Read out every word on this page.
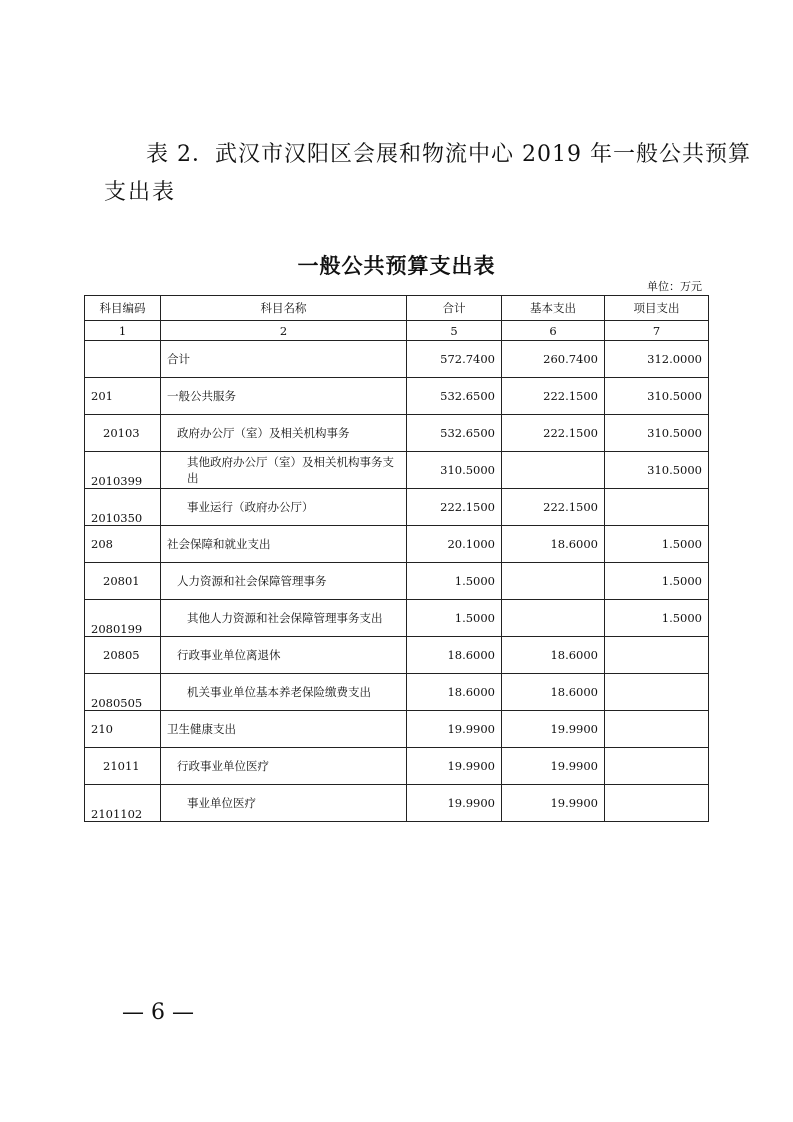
表 2．武汉市汉阳区会展和物流中心 2019 年一般公共预算
支出表
一般公共预算支出表
单位：万元
科目编码	科目名称	合计	基本支出	项目支出
1	2	5	6	7
	合计	572.7400	260.7400	312.0000
201	一般公共服务	532.6500	222.1500	310.5000
20103	政府办公厅（室）及相关机构事务	532.6500	222.1500	310.5000
2010399	其他政府办公厅（室）及相关机构事务支出	310.5000		310.5000
2010350	事业运行（政府办公厅）	222.1500	222.1500	
208	社会保障和就业支出	20.1000	18.6000	1.5000
20801	人力资源和社会保障管理事务	1.5000		1.5000
2080199	其他人力资源和社会保障管理事务支出	1.5000		1.5000
20805	行政事业单位离退休	18.6000	18.6000	
2080505	机关事业单位基本养老保险缴费支出	18.6000	18.6000	
210	卫生健康支出	19.9900	19.9900	
21011	行政事业单位医疗	19.9900	19.9900	
2101102	事业单位医疗	19.9900	19.9900	
— 6 —
